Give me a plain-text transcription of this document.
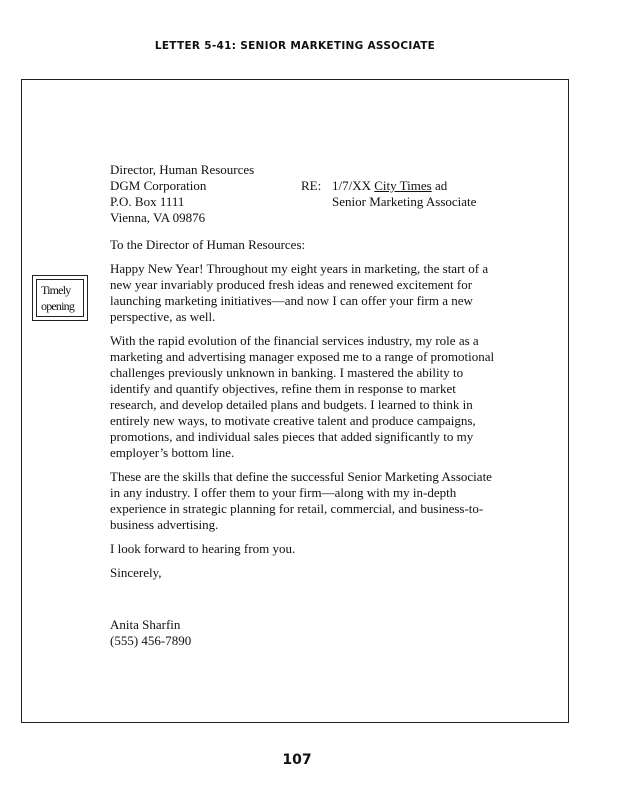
LETTER 5-41: SENIOR MARKETING ASSOCIATE
Timely
opening
Director, Human Resources
DGM Corporation
P.O. Box 1111
Vienna, VA 09876
RE: 1/7/XX City Times ad
Senior Marketing Associate

To the Director of Human Resources:

Happy New Year! Throughout my eight years in marketing, the start of a new year invariably produced fresh ideas and renewed excitement for launching marketing initiatives—and now I can offer your firm a new perspective, as well.

With the rapid evolution of the financial services industry, my role as a marketing and advertising manager exposed me to a range of promotional challenges previously unknown in banking. I mastered the ability to identify and quantify objectives, refine them in response to market research, and develop detailed plans and budgets. I learned to think in entirely new ways, to motivate creative talent and produce campaigns, promotions, and individual sales pieces that added significantly to my employer’s bottom line.

These are the skills that define the successful Senior Marketing Associate in any industry. I offer them to your firm—along with my in-depth experience in strategic planning for retail, commercial, and business-to-business advertising.

I look forward to hearing from you.

Sincerely,

Anita Sharfin
(555) 456-7890
107
